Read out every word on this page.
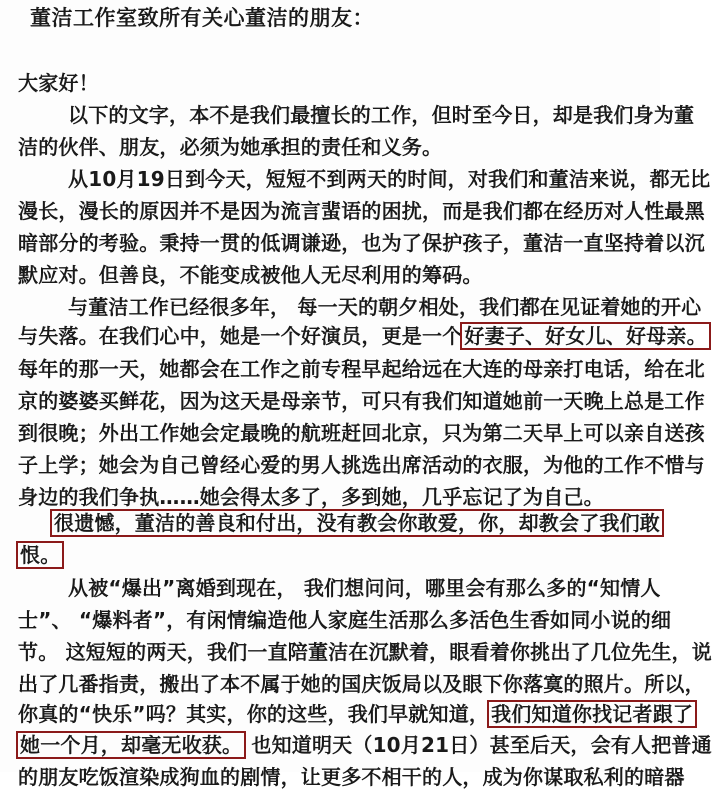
董洁工作室致所有关心董洁的朋友：
大家好！
以下的文字，本不是我们最擅长的工作，但时至今日，却是我们身为董
洁的伙伴、朋友，必须为她承担的责任和义务。
从10月19日到今天，短短不到两天的时间，对我们和董洁来说，都无比
漫长，漫长的原因并不是因为流言蜚语的困扰，而是我们都在经历对人性最黑
暗部分的考验。秉持一贯的低调谦逊，也为了保护孩子，董洁一直坚持着以沉
默应对。但善良，不能变成被他人无尽利用的筹码。
与董洁工作已经很多年， 每一天的朝夕相处，我们都在见证着她的开心
与失落。在我们心中，她是一个好演员，更是一个 好妻子、好女儿、好母亲。
每年的那一天，她都会在工作之前专程早起给远在大连的母亲打电话，给在北
京的婆婆买鲜花，因为这天是母亲节，可只有我们知道她前一天晚上总是工作
到很晚；外出工作她会定最晚的航班赶回北京，只为第二天早上可以亲自送孩
子上学；她会为自己曾经心爱的男人挑选出席活动的衣服，为他的工作不惜与
身边的我们争执……她会得太多了，多到她，几乎忘记了为自己。
很遗憾，董洁的善良和付出，没有教会你敢爱，你，却教会了我们敢
恨。
从被“爆出”离婚到现在， 我们想问问，哪里会有那么多的“知情人
士”、 “爆料者”，有闲情编造他人家庭生活那么多活色生香如同小说的细
节。 这短短的两天，我们一直陪董洁在沉默着，眼看着你挑出了几位先生，说
出了几番指责，搬出了本不属于她的国庆饭局以及眼下你落寞的照片。所以，
你真的“快乐”吗？其实，你的这些，我们早就知道， 我们知道你找记者跟了
她一个月，却毫无收获。 也知道明天（10月21日）甚至后天，会有人把普通
的朋友吃饭渲染成狗血的剧情，让更多不相干的人，成为你谋取私利的暗器
